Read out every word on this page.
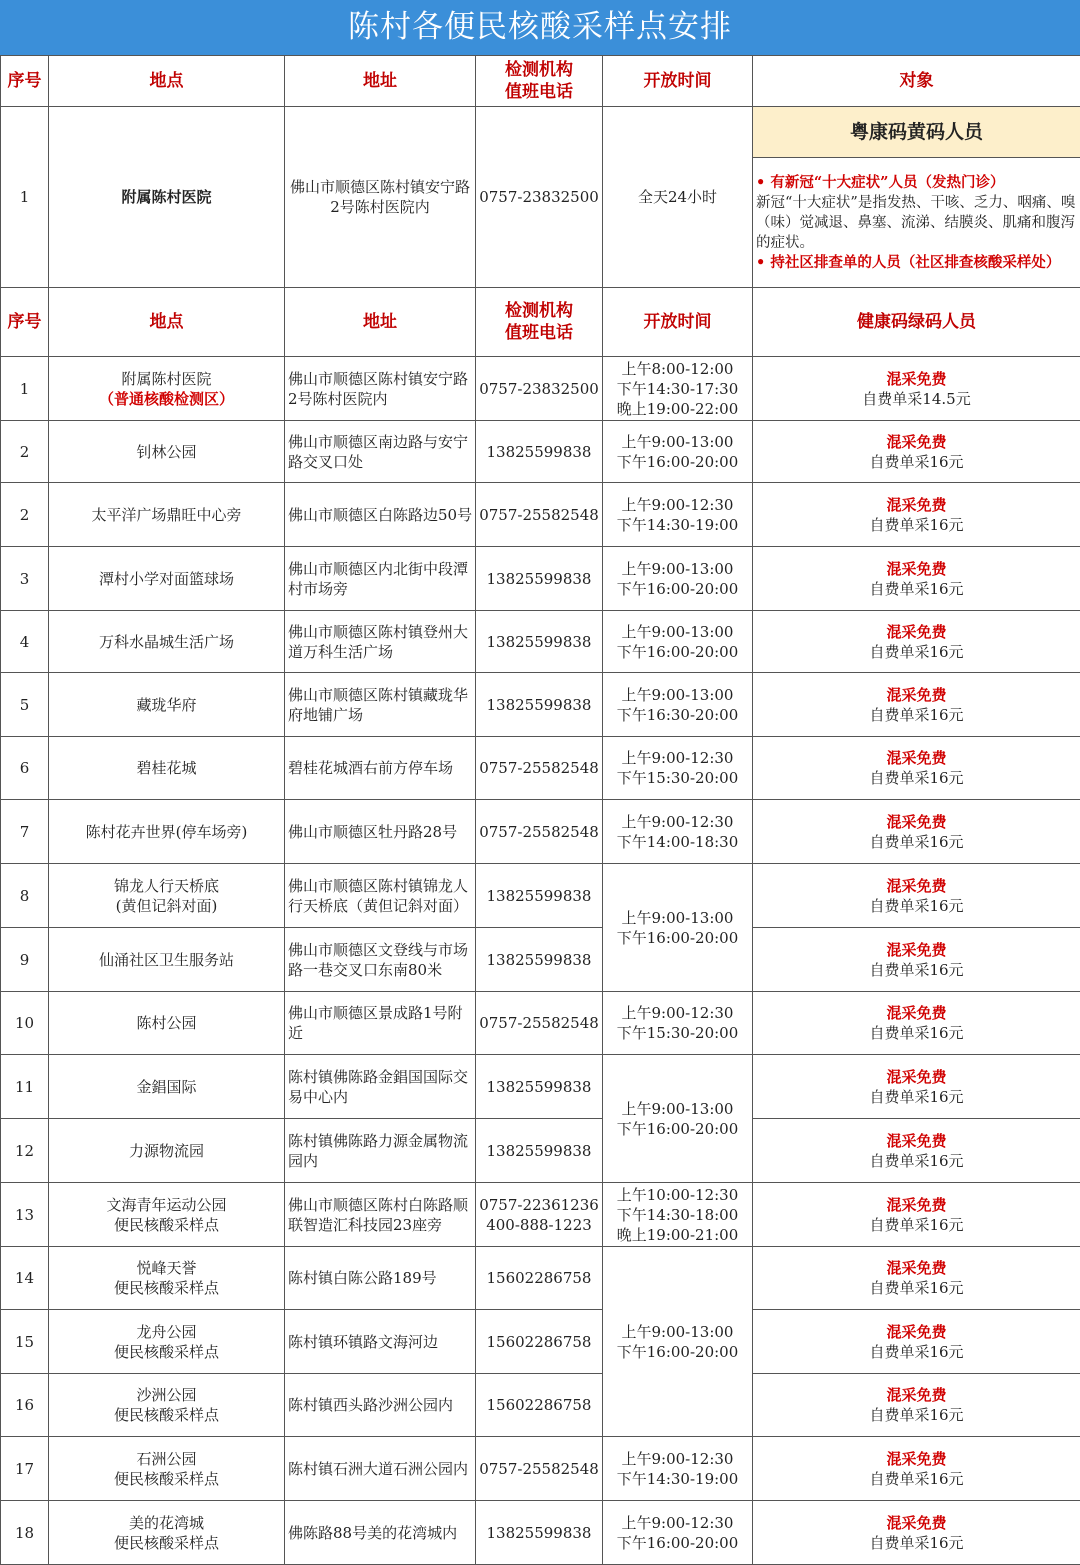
陈村各便民核酸采样点安排
序号	地点	地址	检测机构
值班电话	开放时间	对象
1	附属陈村医院	佛山市顺德区陈村镇安宁路2号陈村医院内	0757-23832500	全天24小时	粤康码黄码人员

					• 有新冠“十大症状”人员（发热门诊）
新冠“十大症状”是指发热、干咳、乏力、咽痛、嗅 （味）觉减退、鼻塞、流涕、结膜炎、肌痛和腹泻的症状。
• 持社区排查单的人员（社区排查核酸采样处）

序号	地点	地址	检测机构
值班电话	开放时间	健康码绿码人员
1	附属陈村医院
（普通核酸检测区）	佛山市顺德区陈村镇安宁路2号陈村医院内	0757-23832500	上午8:00-12:00
下午14:30-17:30
晚上19:00-22:00	混采免费
自费单采14.5元
2	钊林公园	佛山市顺德区南边路与安宁路交叉口处	13825599838	上午9:00-13:00
下午16:00-20:00	混采免费
自费单采16元
2	太平洋广场鼎旺中心旁	佛山市顺德区白陈路边50号	0757-25582548	上午9:00-12:30
下午14:30-19:00	混采免费
自费单采16元
3	潭村小学对面篮球场	佛山市顺德区内北街中段潭村市场旁	13825599838	上午9:00-13:00
下午16:00-20:00	混采免费
自费单采16元
4	万科水晶城生活广场	佛山市顺德区陈村镇登州大道万科生活广场	13825599838	上午9:00-13:00
下午16:00-20:00	混采免费
自费单采16元
5	藏珑华府	佛山市顺德区陈村镇藏珑华府地铺广场	13825599838	上午9:00-13:00
下午16:30-20:00	混采免费
自费单采16元
6	碧桂花城	碧桂花城酒右前方停车场	0757-25582548	上午9:00-12:30
下午15:30-20:00	混采免费
自费单采16元
7	陈村花卉世界(停车场旁)	佛山市顺德区牡丹路28号	0757-25582548	上午9:00-12:30
下午14:00-18:30	混采免费
自费单采16元
8	锦龙人行天桥底
(黄但记斜对面)	佛山市顺德区陈村镇锦龙人行天桥底（黄但记斜对面）	13825599838	上午9:00-13:00
下午16:00-20:00	混采免费
自费单采16元
9	仙涌社区卫生服务站	佛山市顺德区文登线与市场路一巷交叉口东南80米	13825599838		混采免费
自费单采16元
10	陈村公园	佛山市顺德区景成路1号附近	0757-25582548	上午9:00-12:30
下午15:30-20:00	混采免费
自费单采16元
11	金錩国际	陈村镇佛陈路金錩国国际交易中心内	13825599838	上午9:00-13:00
下午16:00-20:00	混采免费
自费单采16元
12	力源物流园	陈村镇佛陈路力源金属物流园内	13825599838		混采免费
自费单采16元
13	文海青年运动公园
便民核酸采样点	佛山市顺德区陈村白陈路顺联智造汇科技园23座旁	0757-22361236
400-888-1223	上午10:00-12:30
下午14:30-18:00
晚上19:00-21:00	混采免费
自费单采16元
14	悦峰天誉
便民核酸采样点	陈村镇白陈公路189号	15602286758	上午9:00-13:00
下午16:00-20:00	混采免费
自费单采16元
15	龙舟公园
便民核酸采样点	陈村镇环镇路文海河边	15602286758		混采免费
自费单采16元
16	沙洲公园
便民核酸采样点	陈村镇西头路沙洲公园内	15602286758		混采免费
自费单采16元
17	石洲公园
便民核酸采样点	陈村镇石洲大道石洲公园内	0757-25582548	上午9:00-12:30
下午14:30-19:00	混采免费
自费单采16元
18	美的花湾城
便民核酸采样点	佛陈路88号美的花湾城内	13825599838	上午9:00-12:30
下午16:00-20:00	混采免费
自费单采16元
